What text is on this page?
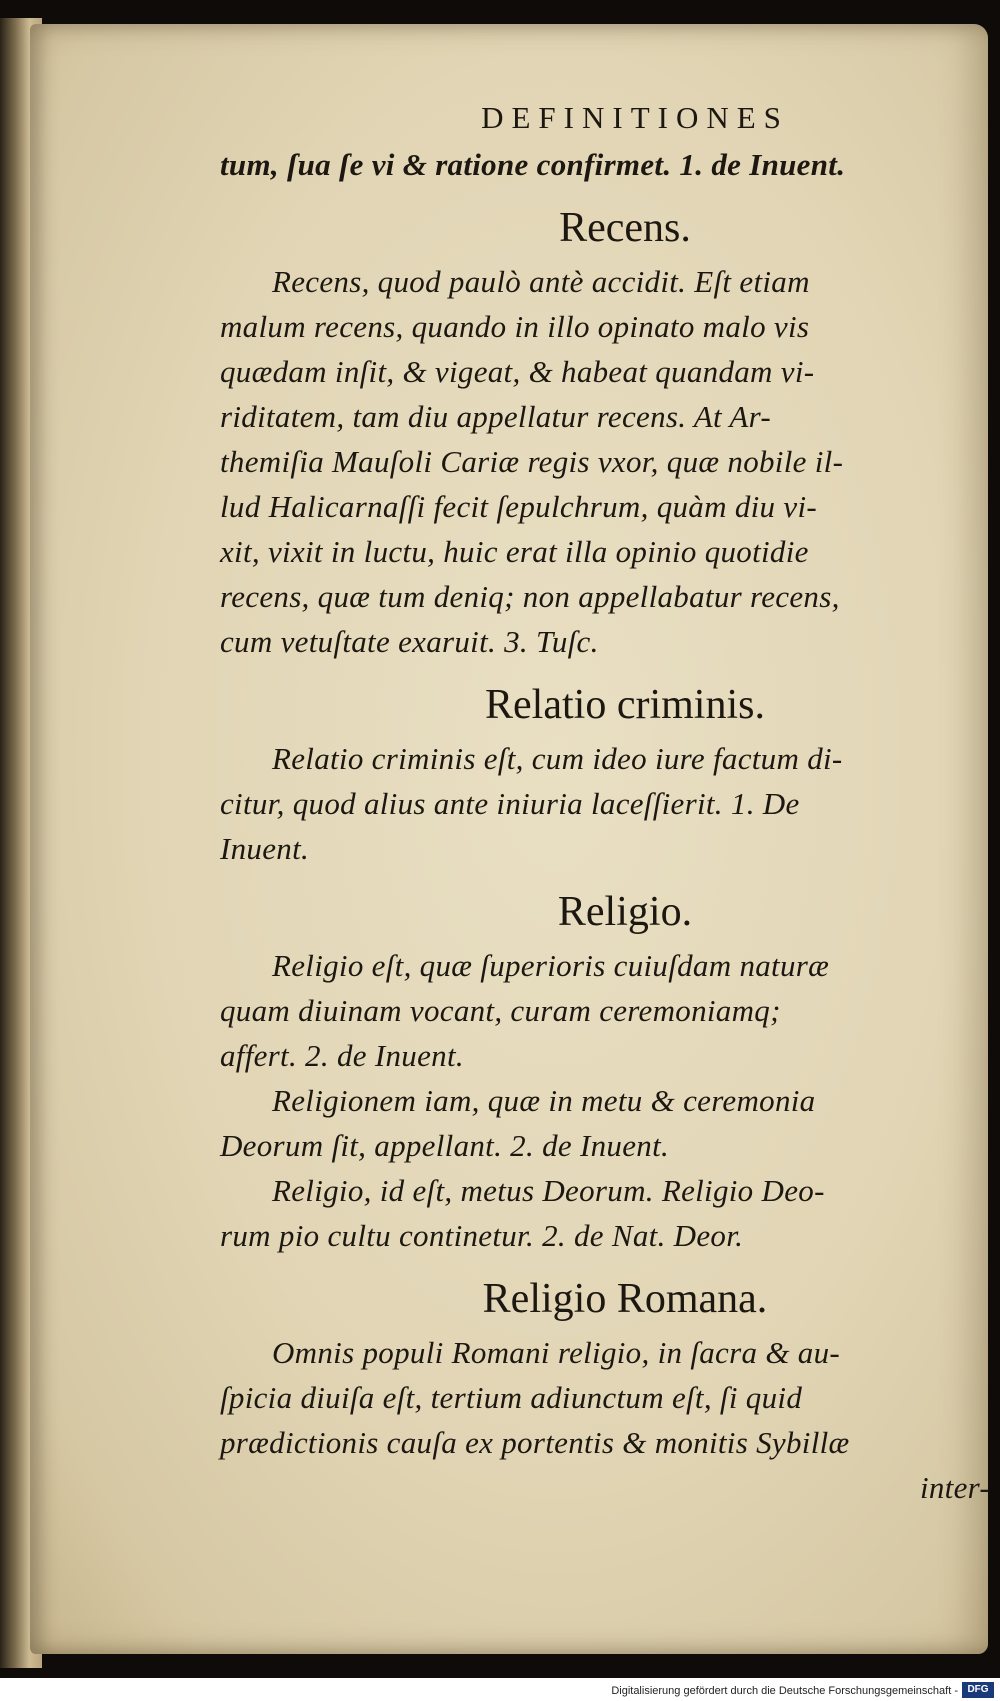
DEFINITIONES
tum, ſua ſe vi & ratione confirmet. 1. de Inuent.
Recens.
Recens, quod paulò antè accidit. Eſt etiam
malum recens, quando in illo opinato malo vis
quædam inſit, & vigeat, & habeat quandam vi-
riditatem, tam diu appellatur recens. At Ar-
themiſia Mauſoli Cariæ regis vxor, quæ nobile il-
lud Halicarnaſſi fecit ſepulchrum, quàm diu vi-
xit, vixit in luctu, huic erat illa opinio quotidie
recens, quæ tum deniq; non appellabatur recens,
cum vetuſtate exaruit. 3. Tuſc.
Relatio criminis.
Relatio criminis eſt, cum ideo iure factum di-
citur, quod alius ante iniuria laceſſierit. 1. De
Inuent.
Religio.
Religio eſt, quæ ſuperioris cuiuſdam naturæ
quam diuinam vocant, curam ceremoniamq;
affert. 2. de Inuent.
Religionem iam, quæ in metu & ceremonia
Deorum ſit, appellant. 2. de Inuent.
Religio, id eſt, metus Deorum. Religio Deo-
rum pio cultu continetur. 2. de Nat. Deor.
Religio Romana.
Omnis populi Romani religio, in ſacra & au-
ſpicia diuiſa eſt, tertium adiunctum eſt, ſi quid
prædictionis cauſa ex portentis & monitis Sybillæ
inter-
Digitalisierung gefördert durch die Deutsche Forschungsgemeinschaft - DFG
